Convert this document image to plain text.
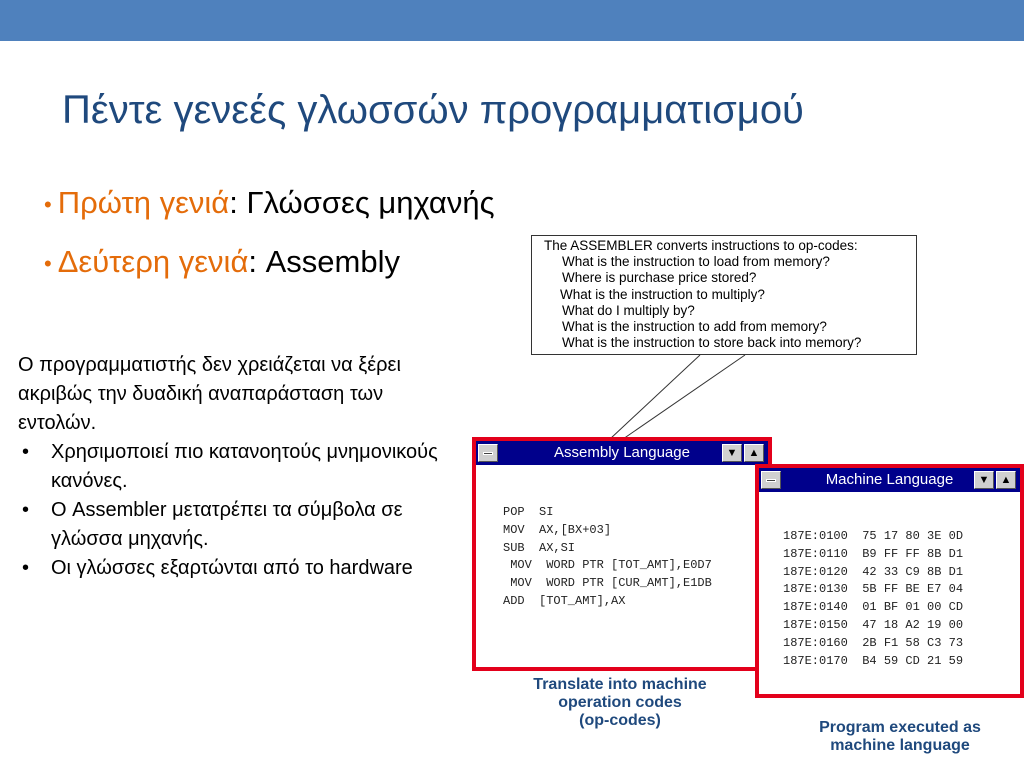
Πέντε γενεές γλωσσών προγραμματισμού
• Πρώτη γενιά: Γλώσσες μηχανής
• Δεύτερη γενιά: Assembly

Ο προγραμματιστής δεν χρειάζεται να ξέρει ακριβώς την δυαδική αναπαράσταση των εντολών.

• Χρησιμοποιεί πιο κατανοητούς μνημονικούς κανόνες.
• Ο Assembler μετατρέπει τα σύμβολα σε γλώσσα μηχανής.
• Οι γλώσσες εξαρτώνται από το hardware
The ASSEMBLER converts instructions to op-codes:
What is the instruction to load from memory?
Where is purchase price stored?
What is the instruction to multiply?
What do I multiply by?
What is the instruction to add from memory?
What is the instruction to store back into memory?
Assembly Language	▼	▲
POP  SI
MOV  AX,[BX+03]
SUB  AX,SI
MOV  WORD PTR [TOT_AMT],E0D7
MOV  WORD PTR [CUR_AMT],E1DB
ADD  [TOT_AMT],AX
Machine Language	▼	▲
187E:0100  75 17 80 3E 0D
187E:0110  B9 FF FF 8B D1
187E:0120  42 33 C9 8B D1
187E:0130  5B FF BE E7 04
187E:0140  01 BF 01 00 CD
187E:0150  47 18 A2 19 00
187E:0160  2B F1 58 C3 73
187E:0170  B4 59 CD 21 59
Translate into machine
operation codes
(op-codes)	Program executed as
machine language
